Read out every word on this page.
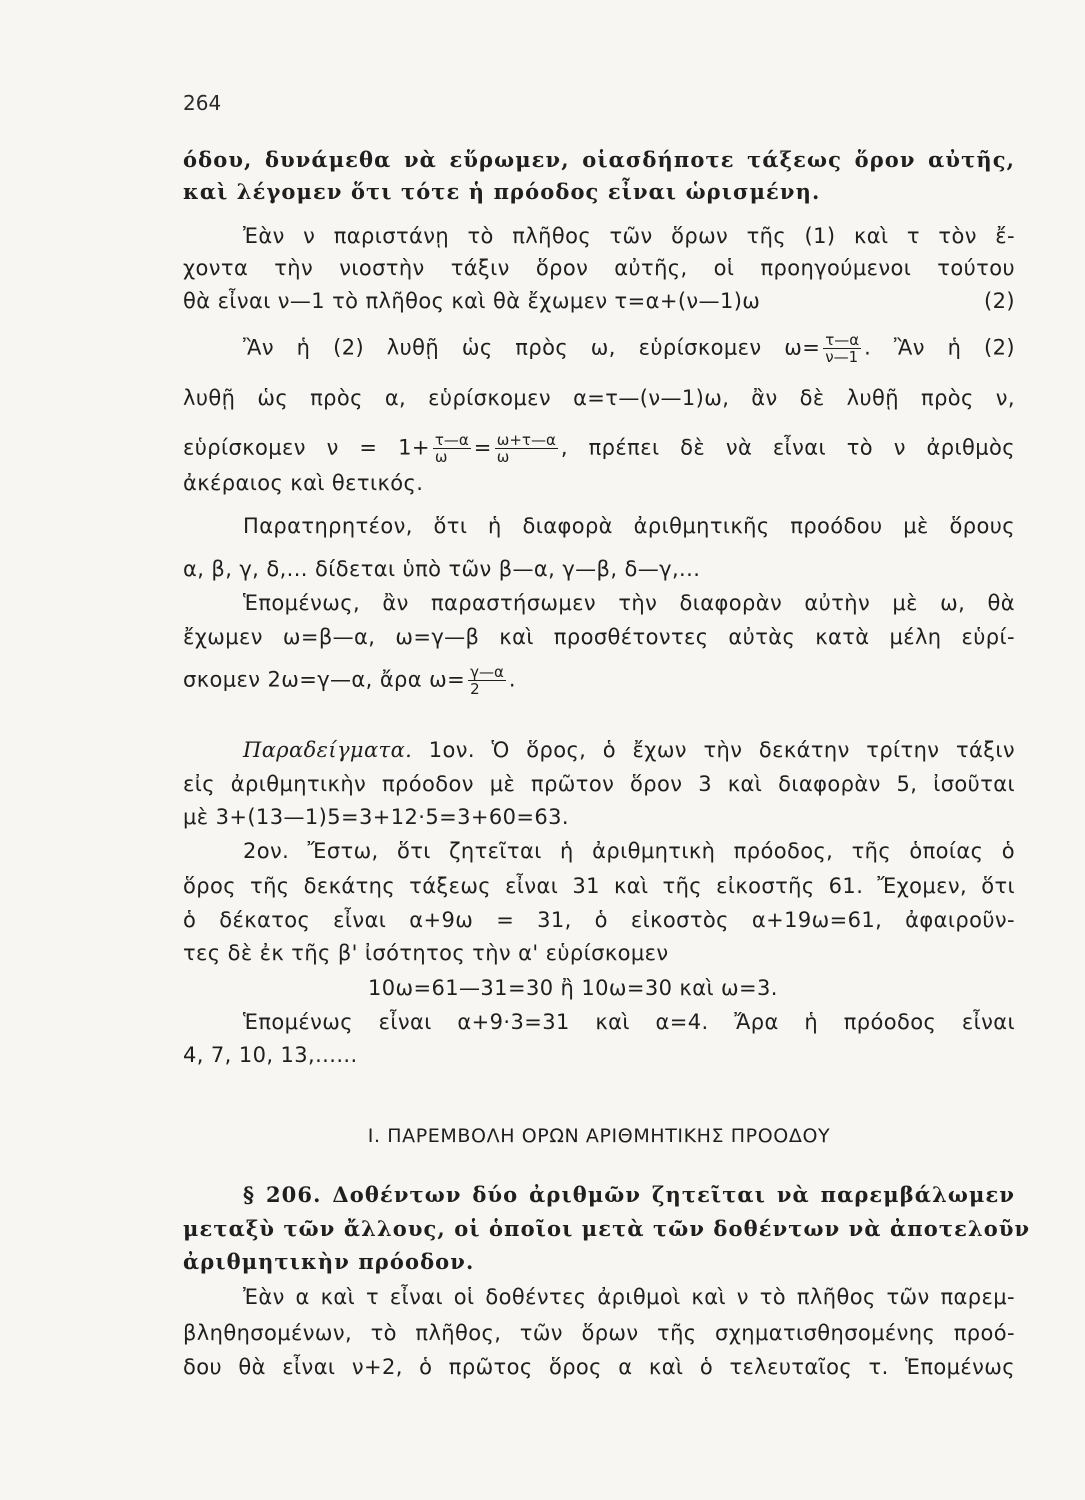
264
όδου, δυνάμεθα νὰ εὕρωμεν, οἱασδήποτε τάξεως ὅρον αὐτῆς,
καὶ λέγομεν ὅτι τότε ἡ πρόοδος εἶναι ὡρισμένη.
Ἐὰν ν παριστάνῃ τὸ πλῆθος τῶν ὅρων τῆς (1) καὶ τ τὸν ἔ-
χοντα τὴν νιοστὴν τάξιν ὅρον αὐτῆς, οἱ προηγούμενοι τούτου
θὰ εἶναι ν—1 τὸ πλῆθος καὶ θὰ ἔχωμεν τ=α+(ν—1)ω	(2)
Ἂν ἡ (2) λυθῇ ὡς πρὸς ω, εὑρίσκομεν $\omega= \frac{\tau—\alpha}{\nu—1}$ . Ἂν ἡ (2)
λυθῇ ὡς πρὸς α, εὑρίσκομεν α=τ—(ν—1)ω, ἂν δὲ λυθῇ πρὸς ν,
εὑρίσκομεν $\nu = 1+ \frac{\tau—\alpha}{\omega} = \frac{\omega+\tau—\alpha}{\omega}$ , πρέπει δὲ νὰ εἶναι τὸ ν ἀριθμὸς
ἀκέραιος καὶ θετικός.
Παρατηρητέον, ὅτι ἡ διαφορὰ ἀριθμητικῆς προόδου μὲ ὅρους
α, β, γ, δ,... δίδεται ὑπὸ τῶν β—α, γ—β, δ—γ,...
Ἑπομένως, ἂν παραστήσωμεν τὴν διαφορὰν αὐτὴν μὲ ω, θὰ
ἔχωμεν ω=β—α, ω=γ—β καὶ προσθέτοντες αὐτὰς κατὰ μέλη εὑρί-
σκομεν 2ω=γ—α, ἄρα $\omega= \frac{\gamma—\alpha}{2}$ .
Παραδείγματα. 1ον. Ὁ ὅρος, ὁ ἔχων τὴν δεκάτην τρίτην τάξιν
εἰς ἀριθμητικὴν πρόοδον μὲ πρῶτον ὅρον 3 καὶ διαφορὰν 5, ἰσοῦται
μὲ 3+(13—1)5=3+12·5=3+60=63.
2ον. Ἔστω, ὅτι ζητεῖται ἡ ἀριθμητικὴ πρόοδος, τῆς ὁποίας ὁ
ὅρος τῆς δεκάτης τάξεως εἶναι 31 καὶ τῆς εἰκοστῆς 61. Ἔχομεν, ὅτι
ὁ δέκατος εἶναι α+9ω = 31, ὁ εἰκοστὸς α+19ω=61, ἀφαιροῦν-
τες δὲ ἐκ τῆς β' ἰσότητος τὴν α' εὑρίσκομεν
10ω=61—31=30 ἢ 10ω=30 καὶ ω=3.
Ἑπομένως εἶναι α+9·3=31 καὶ α=4. Ἄρα ἡ πρόοδος εἶναι
4, 7, 10, 13,......
I. ΠΑΡΕΜΒΟΛΗ ΟΡΩΝ ΑΡΙΘΜΗΤΙΚΗΣ ΠΡΟΟΔΟΥ
§ 206. Δοθέντων δύο ἀριθμῶν ζητεῖται νὰ παρεμβάλωμεν
μεταξὺ τῶν ἄλλους, οἱ ὁποῖοι μετὰ τῶν δοθέντων νὰ ἀποτελοῦν
ἀριθμητικὴν πρόοδον.
Ἐὰν α καὶ τ εἶναι οἱ δοθέντες ἀριθμοὶ καὶ ν τὸ πλῆθος τῶν παρεμ-
βληθησομένων, τὸ πλῆθος, τῶν ὅρων τῆς σχηματισθησομένης προό-
δου θὰ εἶναι ν+2, ὁ πρῶτος ὅρος α καὶ ὁ τελευταῖος τ. Ἑπομένως
